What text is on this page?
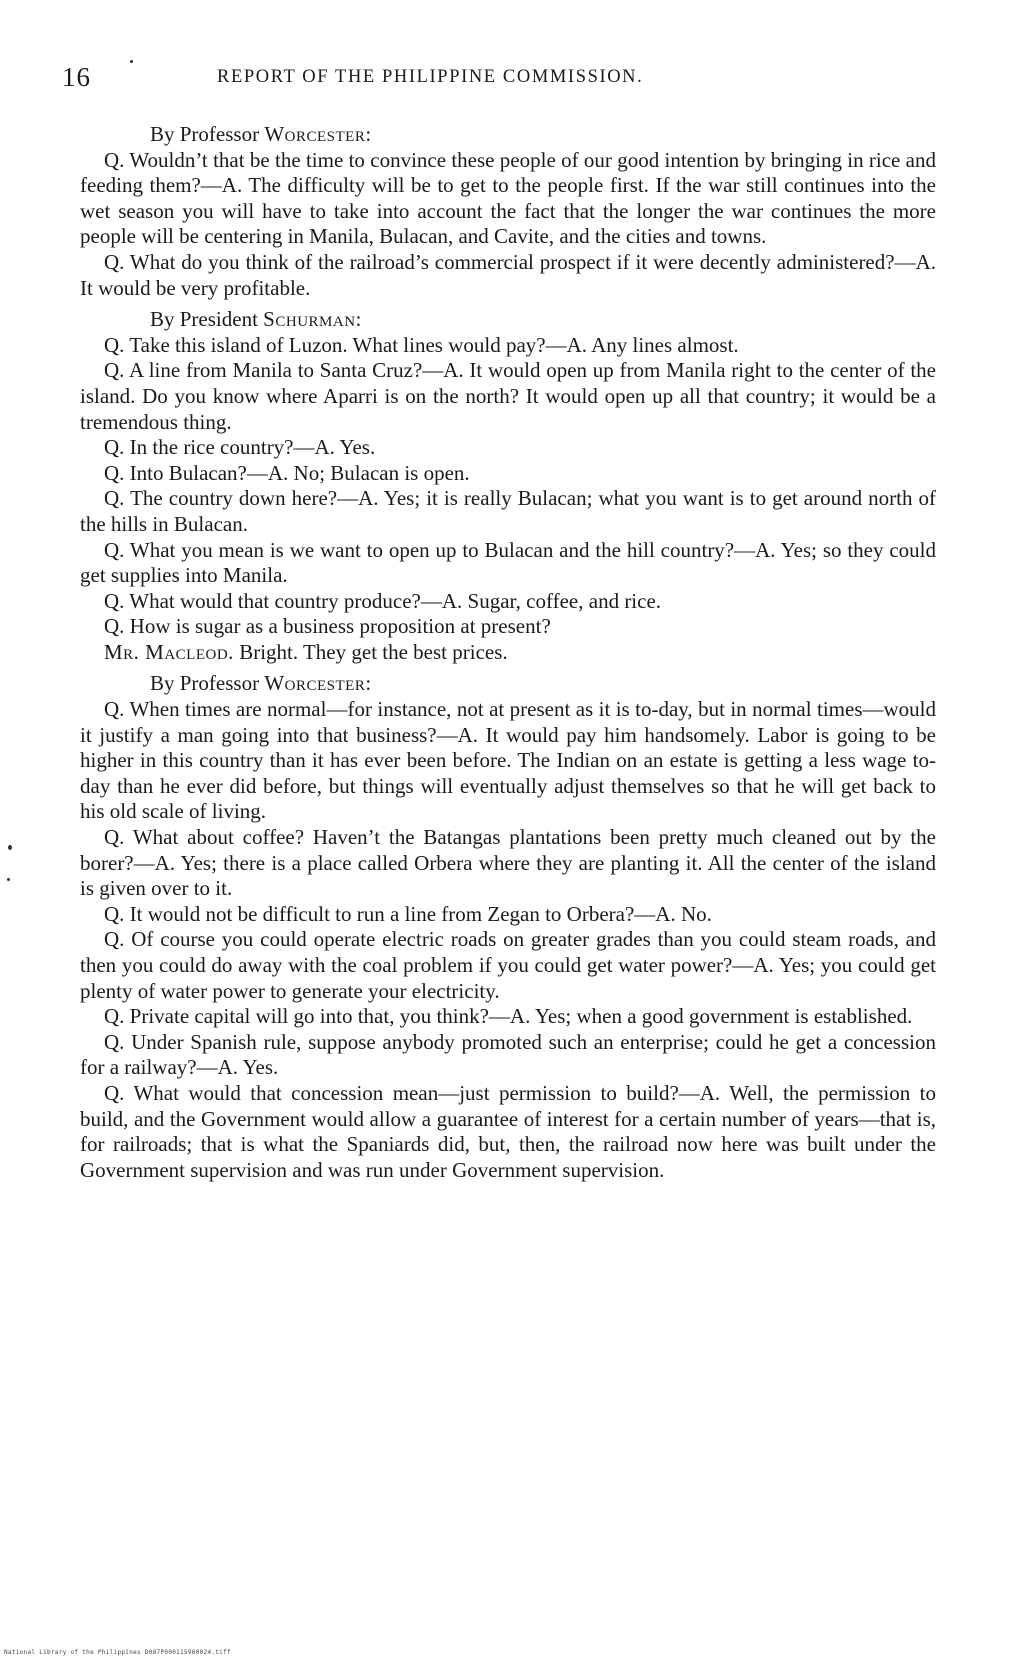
16	REPORT OF THE PHILIPPINE COMMISSION.

By Professor Worcester:

Q. Wouldn’t that be the time to convince these people of our good intention by bringing in rice and feeding them?—A. The difficulty will be to get to the people first. If the war still continues into the wet season you will have to take into account the fact that the longer the war continues the more people will be centering in Manila, Bulacan, and Cavite, and the cities and towns.

Q. What do you think of the railroad’s commercial prospect if it were decently administered?—A. It would be very profitable.

By President Schurman:

Q. Take this island of Luzon. What lines would pay?—A. Any lines almost.

Q. A line from Manila to Santa Cruz?—A. It would open up from Manila right to the center of the island. Do you know where Aparri is on the north? It would open up all that country; it would be a tremendous thing.

Q. In the rice country?—A. Yes.

Q. Into Bulacan?—A. No; Bulacan is open.

Q. The country down here?—A. Yes; it is really Bulacan; what you want is to get around north of the hills in Bulacan.

Q. What you mean is we want to open up to Bulacan and the hill country?—A. Yes; so they could get supplies into Manila.

Q. What would that country produce?—A. Sugar, coffee, and rice.

Q. How is sugar as a business proposition at present?

Mr. Macleod. Bright. They get the best prices.

By Professor Worcester:

Q. When times are normal—for instance, not at present as it is to-day, but in normal times—would it justify a man going into that business?—A. It would pay him handsomely. Labor is going to be higher in this country than it has ever been before. The Indian on an estate is getting a less wage to-day than he ever did before, but things will eventually adjust themselves so that he will get back to his old scale of living.

Q. What about coffee? Haven’t the Batangas plantations been pretty much cleaned out by the borer?—A. Yes; there is a place called Orbera where they are planting it. All the center of the island is given over to it.

Q. It would not be difficult to run a line from Zegan to Orbera?—A. No.

Q. Of course you could operate electric roads on greater grades than you could steam roads, and then you could do away with the coal problem if you could get water power?—A. Yes; you could get plenty of water power to generate your electricity.

Q. Private capital will go into that, you think?—A. Yes; when a good government is established.

Q. Under Spanish rule, suppose anybody promoted such an enterprise; could he get a concession for a railway?—A. Yes.

Q. What would that concession mean—just permission to build?—A. Well, the permission to build, and the Government would allow a guarantee of interest for a certain number of years—that is, for railroads; that is what the Spaniards did, but, then, the railroad now here was built under the Government supervision and was run under Government supervision.

National Library of the Philippines D087P000115960024.tiff
